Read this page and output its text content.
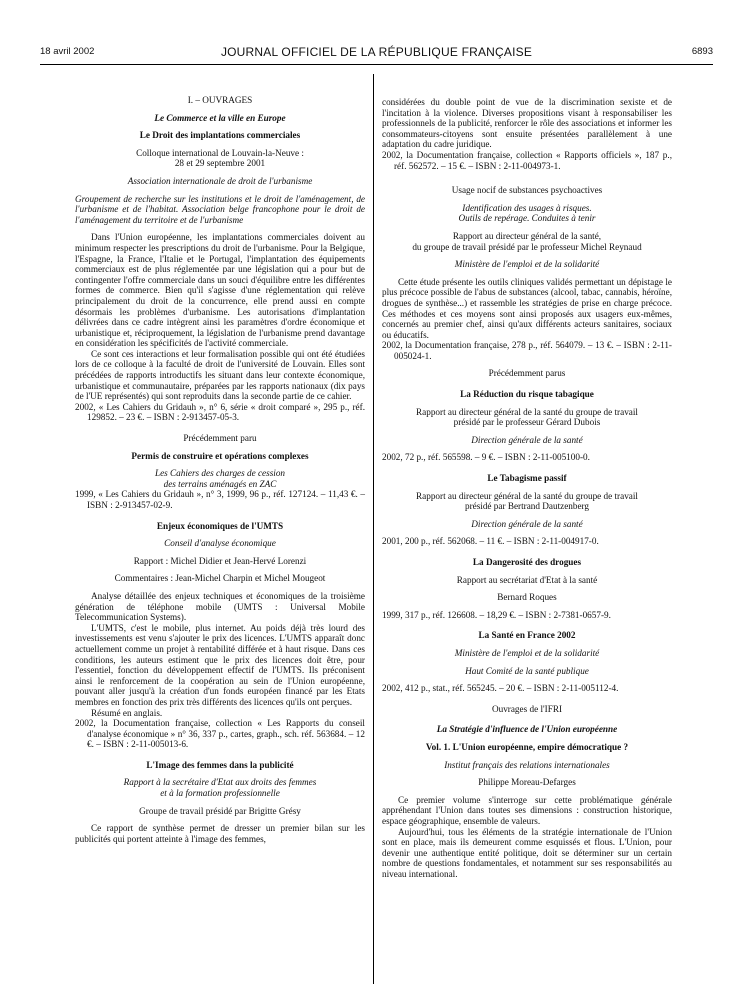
18 avril 2002	JOURNAL OFFICIEL DE LA RÉPUBLIQUE FRANÇAISE	6893

I. – OUVRAGES

Le Commerce et la ville en Europe

Le Droit des implantations commerciales

Colloque international de Louvain-la-Neuve :

28 et 29 septembre 2001

Association internationale de droit de l'urbanisme

Groupement de recherche sur les institutions et le droit de l'aménagement, de l'urbanisme et de l'habitat. Association belge francophone pour le droit de l'aménagement du territoire et de l'urbanisme

Dans l'Union européenne, les implantations commerciales doivent au minimum respecter les prescriptions du droit de l'urbanisme. Pour la Belgique, l'Espagne, la France, l'Italie et le Portugal, l'implantation des équipements commerciaux est de plus réglementée par une législation qui a pour but de contingenter l'offre commerciale dans un souci d'équilibre entre les différentes formes de commerce. Bien qu'il s'agisse d'une réglementation qui relève principalement du droit de la concurrence, elle prend aussi en compte désormais les problèmes d'urbanisme. Les autorisations d'implantation délivrées dans ce cadre intègrent ainsi les paramètres d'ordre économique et urbanistique et, réciproquement, la législation de l'urbanisme prend davantage en considération les spécificités de l'activité commerciale.

Ce sont ces interactions et leur formalisation possible qui ont été étudiées lors de ce colloque à la faculté de droit de l'université de Louvain. Elles sont précédées de rapports introductifs les situant dans leur contexte économique, urbanistique et communautaire, préparées par les rapports nationaux (dix pays de l'UE représentés) qui sont reproduits dans la seconde partie de ce cahier.

2002, « Les Cahiers du Gridauh », n° 6, série « droit comparé », 295 p., réf. 129852. – 23 €. – ISBN : 2-913457-05-3.

Précédemment paru

Permis de construire et opérations complexes

Les Cahiers des charges de cession

des terrains aménagés en ZAC

1999, « Les Cahiers du Gridauh », n° 3, 1999, 96 p., réf. 127124. – 11,43 €. – ISBN : 2-913457-02-9.

Enjeux économiques de l'UMTS

Conseil d'analyse économique

Rapport : Michel Didier et Jean-Hervé Lorenzi

Commentaires : Jean-Michel Charpin et Michel Mougeot

Analyse détaillée des enjeux techniques et économiques de la troisième génération de téléphone mobile (UMTS : Universal Mobile Telecommunication Systems).

L'UMTS, c'est le mobile, plus internet. Au poids déjà très lourd des investissements est venu s'ajouter le prix des licences. L'UMTS apparaît donc actuellement comme un projet à rentabilité différée et à haut risque. Dans ces conditions, les auteurs estiment que le prix des licences doit être, pour l'essentiel, fonction du développement effectif de l'UMTS. Ils préconisent ainsi le renforcement de la coopération au sein de l'Union européenne, pouvant aller jusqu'à la création d'un fonds européen financé par les Etats membres en fonction des prix très différents des licences qu'ils ont perçues.

Résumé en anglais.

2002, la Documentation française, collection « Les Rapports du conseil d'analyse économique » n° 36, 337 p., cartes, graph., sch. réf. 563684. – 12 €. – ISBN : 2-11-005013-6.

L'Image des femmes dans la publicité

Rapport à la secrétaire d'Etat aux droits des femmes

et à la formation professionnelle

Groupe de travail présidé par Brigitte Grésy

Ce rapport de synthèse permet de dresser un premier bilan sur les publicités qui portent atteinte à l'image des femmes,

considérées du double point de vue de la discrimination sexiste et de l'incitation à la violence. Diverses propositions visant à responsabiliser les professionnels de la publicité, renforcer le rôle des associations et informer les consommateurs-citoyens sont ensuite présentées parallèlement à une adaptation du cadre juridique.

2002, la Documentation française, collection « Rapports officiels », 187 p., réf. 562572. – 15 €. – ISBN : 2-11-004973-1.

Usage nocif de substances psychoactives

Identification des usages à risques.

Outils de repérage. Conduites à tenir

Rapport au directeur général de la santé,

du groupe de travail présidé par le professeur Michel Reynaud

Ministère de l'emploi et de la solidarité

Cette étude présente les outils cliniques validés permettant un dépistage le plus précoce possible de l'abus de substances (alcool, tabac, cannabis, héroïne, drogues de synthèse...) et rassemble les stratégies de prise en charge précoce. Ces méthodes et ces moyens sont ainsi proposés aux usagers eux-mêmes, concernés au premier chef, ainsi qu'aux différents acteurs sanitaires, sociaux ou éducatifs.

2002, la Documentation française, 278 p., réf. 564079. – 13 €. – ISBN : 2-11-005024-1.

Précédemment parus

La Réduction du risque tabagique

Rapport au directeur général de la santé du groupe de travail

présidé par le professeur Gérard Dubois

Direction générale de la santé

2002, 72 p., réf. 565598. – 9 €. – ISBN : 2-11-005100-0.

Le Tabagisme passif

Rapport au directeur général de la santé du groupe de travail

présidé par Bertrand Dautzenberg

Direction générale de la santé

2001, 200 p., réf. 562068. – 11 €. – ISBN : 2-11-004917-0.

La Dangerosité des drogues

Rapport au secrétariat d'Etat à la santé

Bernard Roques

1999, 317 p., réf. 126608. – 18,29 €. – ISBN : 2-7381-0657-9.

La Santé en France 2002

Ministère de l'emploi et de la solidarité

Haut Comité de la santé publique

2002, 412 p., stat., réf. 565245. – 20 €. – ISBN : 2-11-005112-4.

Ouvrages de l'IFRI

La Stratégie d'influence de l'Union européenne

Vol. 1. L'Union européenne, empire démocratique ?

Institut français des relations internationales

Philippe Moreau-Defarges

Ce premier volume s'interroge sur cette problématique générale appréhendant l'Union dans toutes ses dimensions : construction historique, espace géographique, ensemble de valeurs.

Aujourd'hui, tous les éléments de la stratégie internationale de l'Union sont en place, mais ils demeurent comme esquissés et flous. L'Union, pour devenir une authentique entité politique, doit se déterminer sur un certain nombre de questions fondamentales, et notamment sur ses responsabilités au niveau international.
